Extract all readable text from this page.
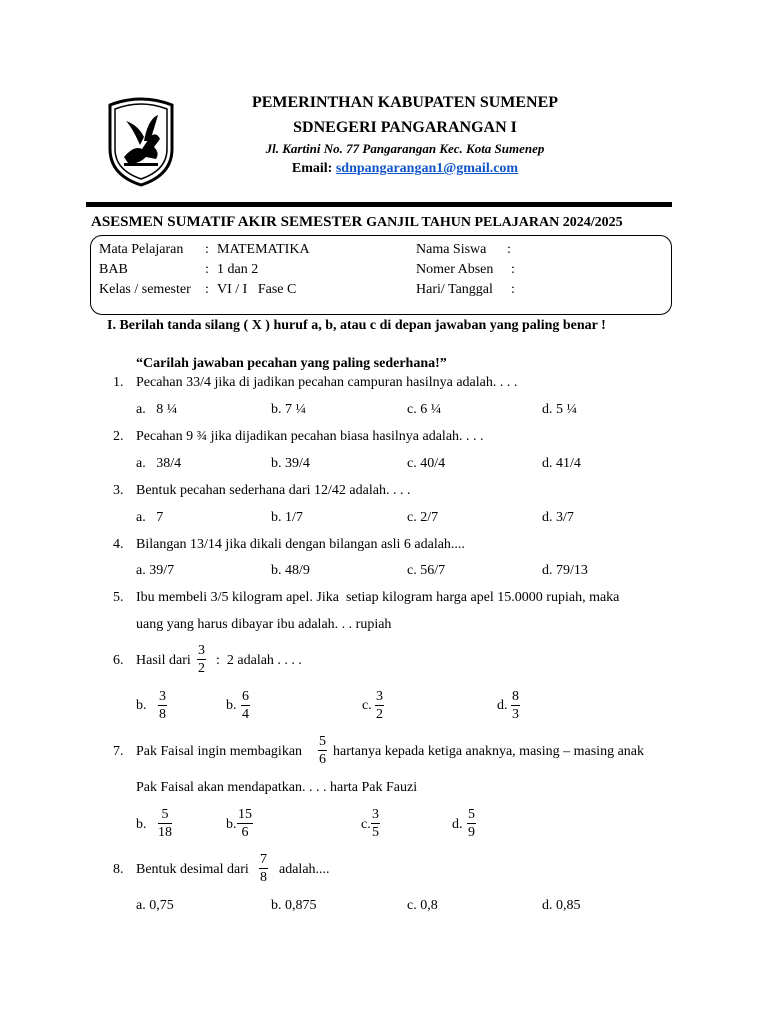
PEMERINTHAN KABUPATEN SUMENEP
SDNEGERI PANGARANGAN I
Jl. Kartini No. 77 Pangarangan Kec. Kota Sumenep
Email: sdnpangarangan1@gmail.com
ASESMEN SUMATIF AKIR SEMESTER GANJIL TAHUN PELAJARAN 2024/2025
Mata Pelajaran : MATEMATIKA
BAB	: 1 dan 2
Kelas / semester : VI / I   Fase C
Nama Siswa :
Nomer Absen :
Hari/ Tanggal :
I. Berilah tanda silang ( X ) huruf a, b, atau c di depan jawaban yang paling benar !
“Carilah jawaban pecahan yang paling sederhana!”
1. Pecahan 33/4 jika di jadikan pecahan campuran hasilnya adalah. . . .
a.   8 ¼	b. 7 ¼	c. 6 ¼	d. 5 ¼
2. Pecahan 9 ¾ jika dijadikan pecahan biasa hasilnya adalah. . . .
a.   38/4	b. 39/4	c. 40/4	d. 41/4
3. Bentuk pecahan sederhana dari 12/42 adalah. . . .
a.   7	b. 1/7	c. 2/7	d. 3/7
4. Bilangan 13/14 jika dikali dengan bilangan asli 6 adalah....
a. 39/7	b. 48/9	c. 56/7	d. 79/13
5. Ibu membeli 3/5 kilogram apel. Jika  setiap kilogram harga apel 15.0000 rupiah, maka
uang yang harus dibayar ibu adalah. . . rupiah
6. Hasil dari $\frac{3}{2}$ :  2 adalah . . . .
b. $\frac{3}{8}$	b. $\frac{6}{4}$	c. $\frac{3}{2}$	d. $\frac{8}{3}$
7. Pak Faisal ingin membagikan $\frac{5}{6}$ hartanya kepada ketiga anaknya, masing – masing anak
Pak Faisal akan mendapatkan. . . . harta Pak Fauzi
b. $\frac{5}{18}$	b. $\frac{15}{6}$	c. $\frac{3}{5}$	d. $\frac{5}{9}$
8. Bentuk desimal dari $\frac{7}{8}$ adalah....
a. 0,75	b. 0,875	c. 0,8	d. 0,85
